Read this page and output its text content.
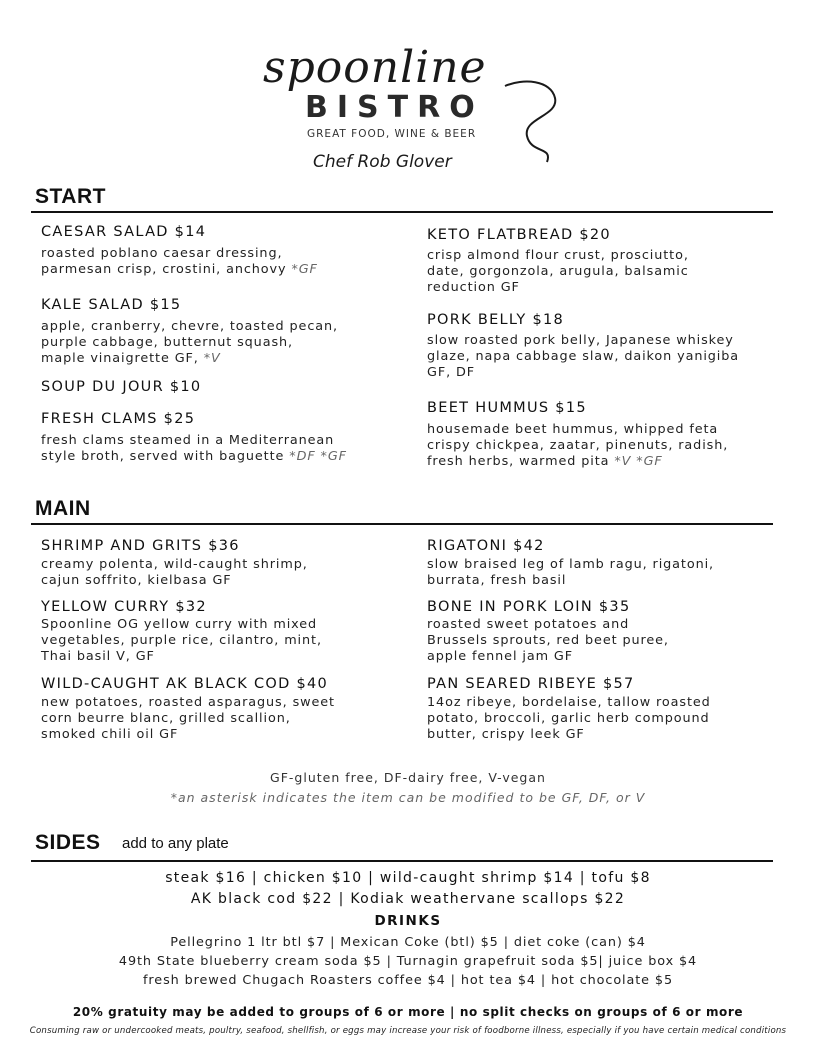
spoonline
BISTRO
GREAT FOOD, WINE & BEER
Chef Rob Glover
START
CAESAR SALAD $14
roasted poblano caesar dressing,
parmesan crisp, crostini, anchovy *GF
KALE SALAD $15
apple, cranberry, chevre, toasted pecan,
purple cabbage, butternut squash,
maple vinaigrette GF, *V
SOUP DU JOUR $10
FRESH CLAMS $25
fresh clams steamed in a Mediterranean
style broth, served with baguette *DF *GF
KETO FLATBREAD $20
crisp almond flour crust, prosciutto,
date, gorgonzola, arugula, balsamic
reduction GF
PORK BELLY $18
slow roasted pork belly, Japanese whiskey
glaze, napa cabbage slaw, daikon yanigiba
GF, DF
BEET HUMMUS $15
housemade beet hummus, whipped feta
crispy chickpea, zaatar, pinenuts, radish,
fresh herbs, warmed pita *V *GF
MAIN
SHRIMP AND GRITS $36
creamy polenta, wild-caught shrimp,
cajun soffrito, kielbasa GF
YELLOW CURRY $32
Spoonline OG yellow curry with mixed
vegetables, purple rice, cilantro, mint,
Thai basil V, GF
WILD-CAUGHT AK BLACK COD $40
new potatoes, roasted asparagus, sweet
corn beurre blanc, grilled scallion,
smoked chili oil GF
RIGATONI $42
slow braised leg of lamb ragu, rigatoni,
burrata, fresh basil
BONE IN PORK LOIN $35
roasted sweet potatoes and
Brussels sprouts, red beet puree,
apple fennel jam GF
PAN SEARED RIBEYE $57
14oz ribeye, bordelaise, tallow roasted
potato, broccoli, garlic herb compound
butter, crispy leek GF
GF-gluten free, DF-dairy free, V-vegan
*an asterisk indicates the item can be modified to be GF, DF, or V
SIDES add to any plate
steak $16 | chicken $10 | wild-caught shrimp $14 | tofu $8
AK black cod $22 | Kodiak weathervane scallops $22
DRINKS
Pellegrino 1 ltr btl $7 | Mexican Coke (btl) $5 | diet coke (can) $4
49th State blueberry cream soda $5 | Turnagin grapefruit soda $5| juice box $4
fresh brewed Chugach Roasters coffee $4 | hot tea $4 | hot chocolate $5
20% gratuity may be added to groups of 6 or more | no split checks on groups of 6 or more
Consuming raw or undercooked meats, poultry, seafood, shellfish, or eggs may increase your risk of foodborne illness, especially if you have certain medical conditions
